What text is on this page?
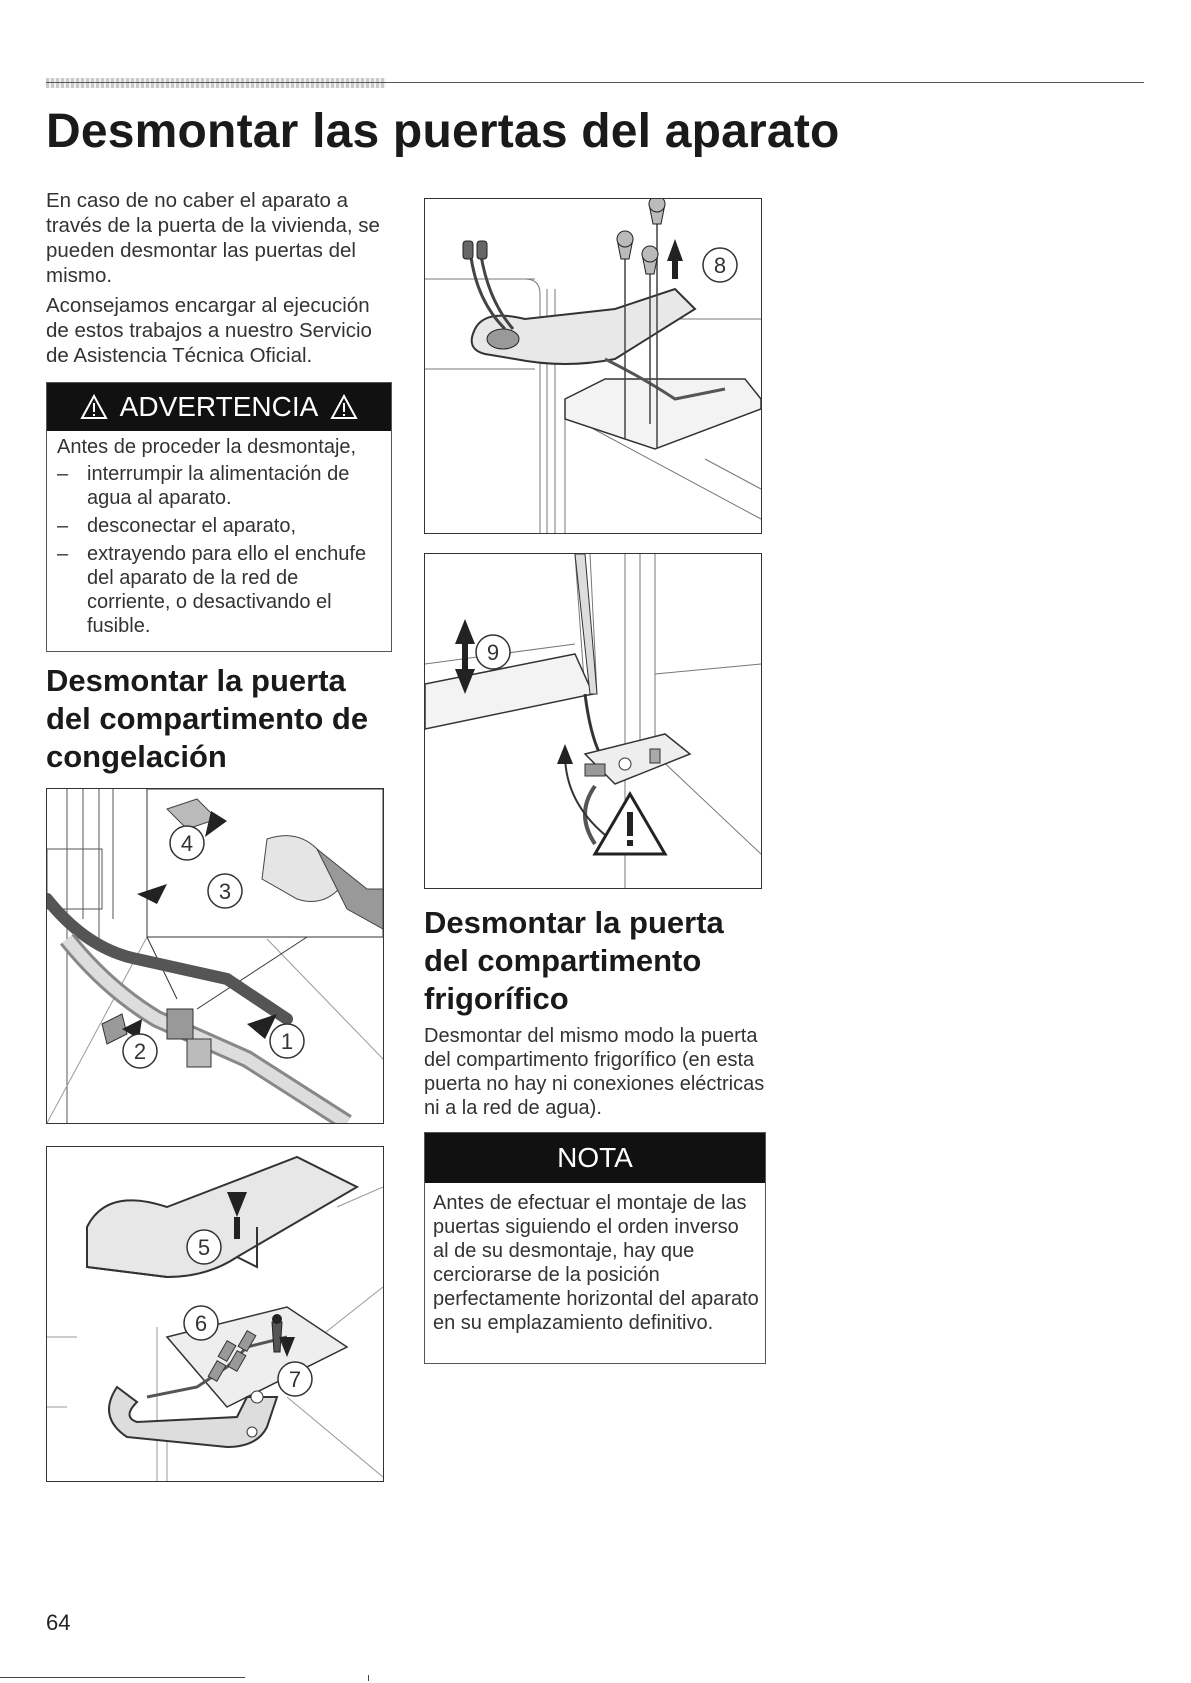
Desmontar las puertas del aparato

En caso de no caber el aparato a través de la puerta de la vivienda, se pueden desmontar las puertas del mismo.

Aconsejamos encargar al ejecución de estos trabajos a nuestro Servicio de Asistencia Técnica Oficial.

ADVERTENCIA

Antes de proceder la desmontaje,

– interrumpir la alimentación de agua al aparato.
– desconectar el aparato,
– extrayendo para ello el enchufe del aparato de la red de corriente, o desactivando el fusible.
Desmontar la puerta del compartimento de congelación
4
3
2	1
5
6
7
8
9
Desmontar la puerta del compartimento frigorífico
Desmontar del mismo modo la puerta del compartimento frigorífico (en esta puerta no hay ni conexiones eléctricas ni a la red de agua).
NOTA
Antes de efectuar el montaje de las puertas siguiendo el orden inverso al de su desmontaje, hay que cerciorarse de la posición perfectamente horizontal del aparato en su emplazamiento definitivo.
64
